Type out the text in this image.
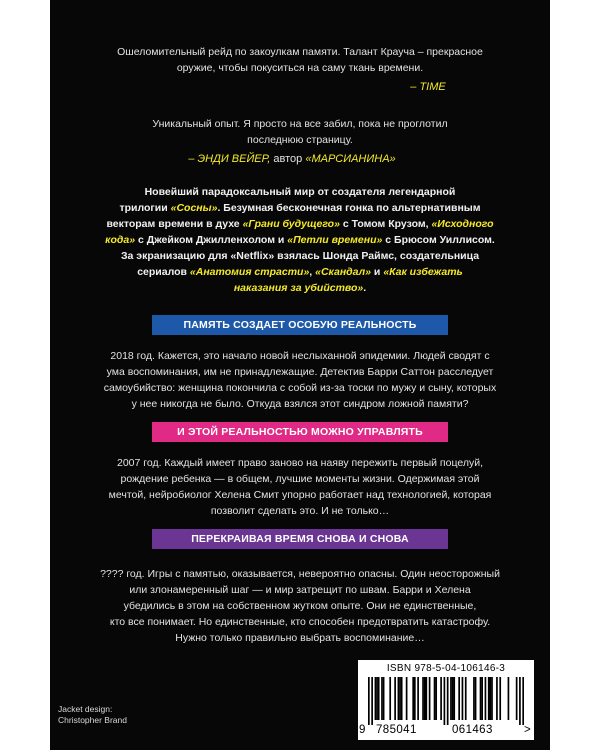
Ошеломительный рейд по закоулкам памяти. Талант Крауча – прекрасное

оружие, чтобы покуситься на саму ткань времени.

– TIME

Уникальный опыт. Я просто на все забил, пока не проглотил

последнюю страницу.

– ЭНДИ ВЕЙЕР, автор «МАРСИАНИНА»

Новейший парадоксальный мир от создателя легендарной

трилогии «Сосны». Безумная бесконечная гонка по альтернативным

векторам времени в духе «Грани будущего» с Томом Крузом, «Исходного

кода» с Джейком Джилленхолом и «Петли времени» с Брюсом Уиллисом.

За экранизацию для «Netflix» взялась Шонда Раймс, создательница

сериалов «Анатомия страсти», «Скандал» и «Как избежать

наказания за убийство».

ПАМЯТЬ СОЗДАЕТ ОСОБУЮ РЕАЛЬНОСТЬ

2018 год. Кажется, это начало новой неслыханной эпидемии. Людей сводят с

ума воспоминания, им не принадлежащие. Детектив Барри Саттон расследует

самоубийство: женщина покончила с собой из-за тоски по мужу и сыну, которых

у нее никогда не было. Откуда взялся этот синдром ложной памяти?

И ЭТОЙ РЕАЛЬНОСТЬЮ МОЖНО УПРАВЛЯТЬ

2007 год. Каждый имеет право заново на наяву пережить первый поцелуй,

рождение ребенка — в общем, лучшие моменты жизни. Одержимая этой

мечтой, нейробиолог Хелена Смит упорно работает над технологией, которая

позволит сделать это. И не только…

ПЕРЕКРАИВАЯ ВРЕМЯ СНОВА И СНОВА

???? год. Игры с памятью, оказывается, невероятно опасны. Один неосторожный

или злонамеренный шаг — и мир затрещит по швам. Барри и Хелена

убедились в этом на собственном жутком опыте. Они не единственные,

кто все понимает. Но единственные, кто способен предотвратить катастрофу.

Нужно только правильно выбрать воспоминание…

Jacket design:
Christopher Brand
ISBN 978-5-04-106146-3
9 785041	061463	>
